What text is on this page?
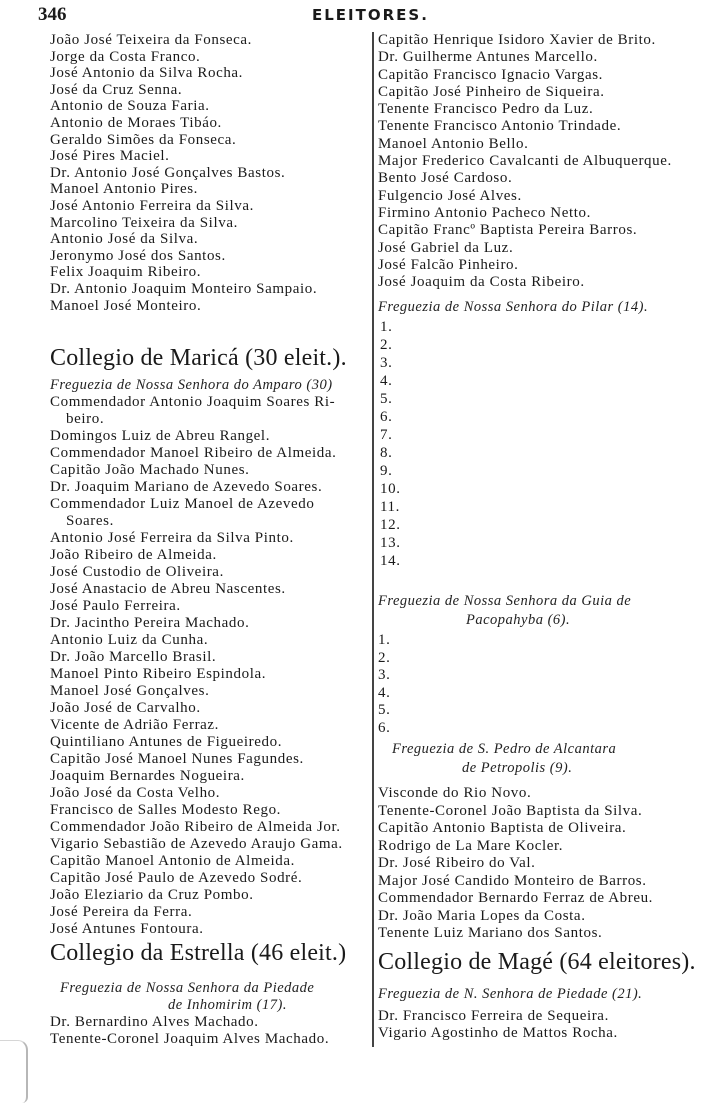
346	ELEITORES.
João José Teixeira da Fonseca.
Jorge da Costa Franco.
José Antonio da Silva Rocha.
José da Cruz Senna.
Antonio de Souza Faria.
Antonio de Moraes Tibáo.
Geraldo Simões da Fonseca.
José Pires Maciel.
Dr. Antonio José Gonçalves Bastos.
Manoel Antonio Pires.
José Antonio Ferreira da Silva.
Marcolino Teixeira da Silva.
Antonio José da Silva.
Jeronymo José dos Santos.
Felix Joaquim Ribeiro.
Dr. Antonio Joaquim Monteiro Sampaio.
Manoel José Monteiro.
Collegio de Maricá (30 eleit.).
Freguezia de Nossa Senhora do Amparo (30)
Commendador Antonio Joaquim Soares Ri-
beiro.
Domingos Luiz de Abreu Rangel.
Commendador Manoel Ribeiro de Almeida.
Capitão João Machado Nunes.
Dr. Joaquim Mariano de Azevedo Soares.
Commendador Luiz Manoel de Azevedo
Soares.
Antonio José Ferreira da Silva Pinto.
João Ribeiro de Almeida.
José Custodio de Oliveira.
José Anastacio de Abreu Nascentes.
José Paulo Ferreira.
Dr. Jacintho Pereira Machado.
Antonio Luiz da Cunha.
Dr. João Marcello Brasil.
Manoel Pinto Ribeiro Espindola.
Manoel José Gonçalves.
João José de Carvalho.
Vicente de Adrião Ferraz.
Quintiliano Antunes de Figueiredo.
Capitão José Manoel Nunes Fagundes.
Joaquim Bernardes Nogueira.
João José da Costa Velho.
Francisco de Salles Modesto Rego.
Commendador João Ribeiro de Almeida Jor.
Vigario Sebastião de Azevedo Araujo Gama.
Capitão Manoel Antonio de Almeida.
Capitão José Paulo de Azevedo Sodré.
João Eleziario da Cruz Pombo.
José Pereira da Ferra.
José Antunes Fontoura.
Collegio da Estrella (46 eleit.)
Freguezia de Nossa Senhora da Piedade
de Inhomirim (17).
Dr. Bernardino Alves Machado.
Tenente-Coronel Joaquim Alves Machado.
Capitão Henrique Isidoro Xavier de Brito.
Dr. Guilherme Antunes Marcello.
Capitão Francisco Ignacio Vargas.
Capitão José Pinheiro de Siqueira.
Tenente Francisco Pedro da Luz.
Tenente Francisco Antonio Trindade.
Manoel Antonio Bello.
Major Frederico Cavalcanti de Albuquerque.
Bento José Cardoso.
Fulgencio José Alves.
Firmino Antonio Pacheco Netto.
Capitão Francº Baptista Pereira Barros.
José Gabriel da Luz.
José Falcão Pinheiro.
José Joaquim da Costa Ribeiro.
Freguezia de Nossa Senhora do Pilar (14).
1.
2.
3.
4.
5.
6.
7.
8.
9.
10.
11.
12.
13.
14.
Freguezia de Nossa Senhora da Guia de
Pacopahyba (6).
1.
2.
3.
4.
5.
6.
Freguezia de S. Pedro de Alcantara
de Petropolis (9).
Visconde do Rio Novo.
Tenente-Coronel João Baptista da Silva.
Capitão Antonio Baptista de Oliveira.
Rodrigo de La Mare Kocler.
Dr. José Ribeiro do Val.
Major José Candido Monteiro de Barros.
Commendador Bernardo Ferraz de Abreu.
Dr. João Maria Lopes da Costa.
Tenente Luiz Mariano dos Santos.
Collegio de Magé (64 eleitores).
Freguezia de N. Senhora de Piedade (21).
Dr. Francisco Ferreira de Sequeira.
Vigario Agostinho de Mattos Rocha.
